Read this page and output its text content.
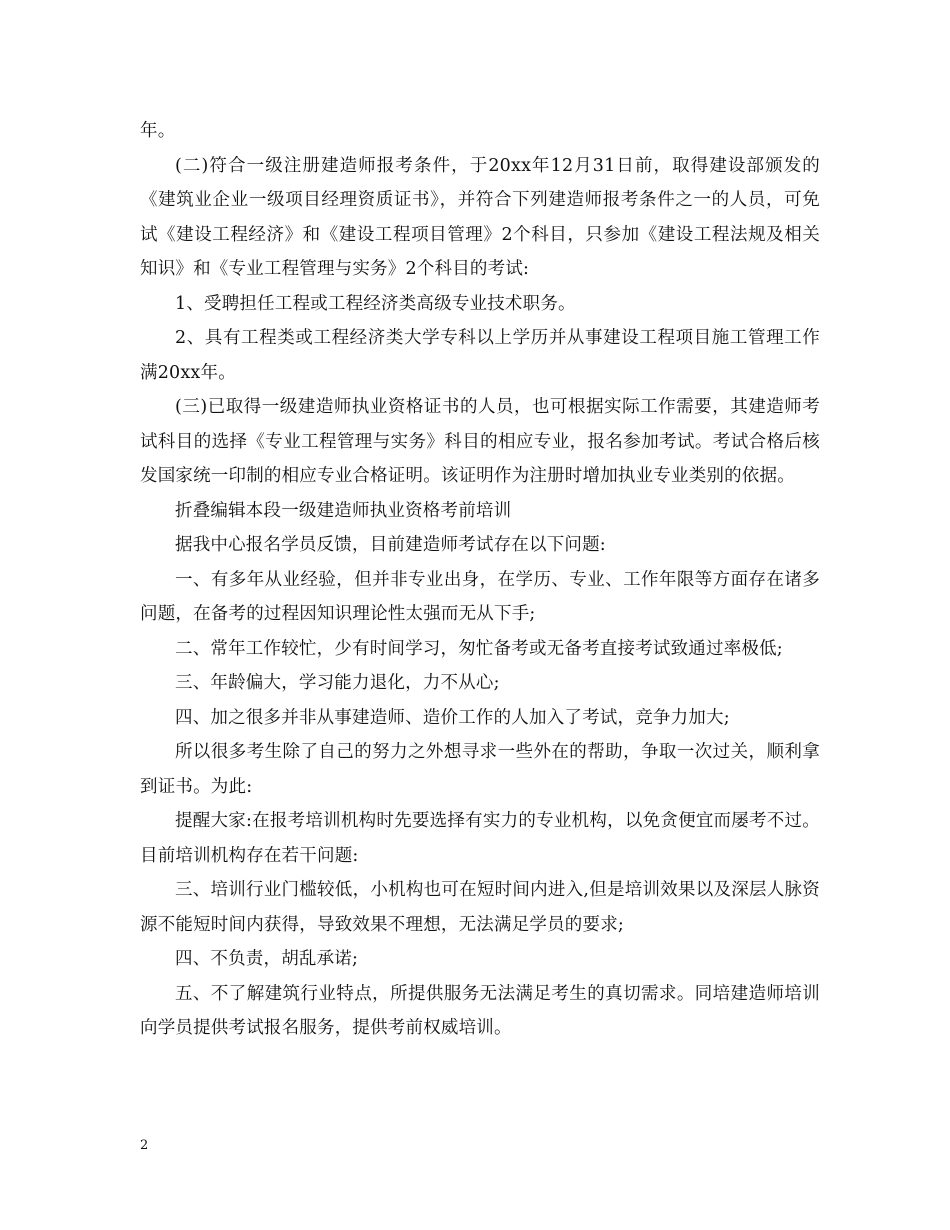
年。

(二)符合一级注册建造师报考条件，于20xx年12月31日前，取得建设部颁发的《建筑业企业一级项目经理资质证书》，并符合下列建造师报考条件之一的人员，可免试《建设工程经济》和《建设工程项目管理》2个科目，只参加《建设工程法规及相关知识》和《专业工程管理与实务》2个科目的考试:

1、受聘担任工程或工程经济类高级专业技术职务。

2、具有工程类或工程经济类大学专科以上学历并从事建设工程项目施工管理工作满20xx年。

(三)已取得一级建造师执业资格证书的人员，也可根据实际工作需要，其建造师考试科目的选择《专业工程管理与实务》科目的相应专业，报名参加考试。考试合格后核发国家统一印制的相应专业合格证明。该证明作为注册时增加执业专业类别的依据。

折叠编辑本段一级建造师执业资格考前培训

据我中心报名学员反馈，目前建造师考试存在以下问题:

一、有多年从业经验，但并非专业出身，在学历、专业、工作年限等方面存在诸多问题，在备考的过程因知识理论性太强而无从下手;

二、常年工作较忙，少有时间学习，匆忙备考或无备考直接考试致通过率极低;

三、年龄偏大，学习能力退化，力不从心;

四、加之很多并非从事建造师、造价工作的人加入了考试，竞争力加大;

所以很多考生除了自己的努力之外想寻求一些外在的帮助，争取一次过关，顺利拿到证书。为此:

提醒大家:在报考培训机构时先要选择有实力的专业机构，以免贪便宜而屡考不过。目前培训机构存在若干问题:

三、培训行业门槛较低，小机构也可在短时间内进入,但是培训效果以及深层人脉资源不能短时间内获得，导致效果不理想，无法满足学员的要求;

四、不负责，胡乱承诺;

五、不了解建筑行业特点，所提供服务无法满足考生的真切需求。同培建造师培训向学员提供考试报名服务，提供考前权威培训。

2
